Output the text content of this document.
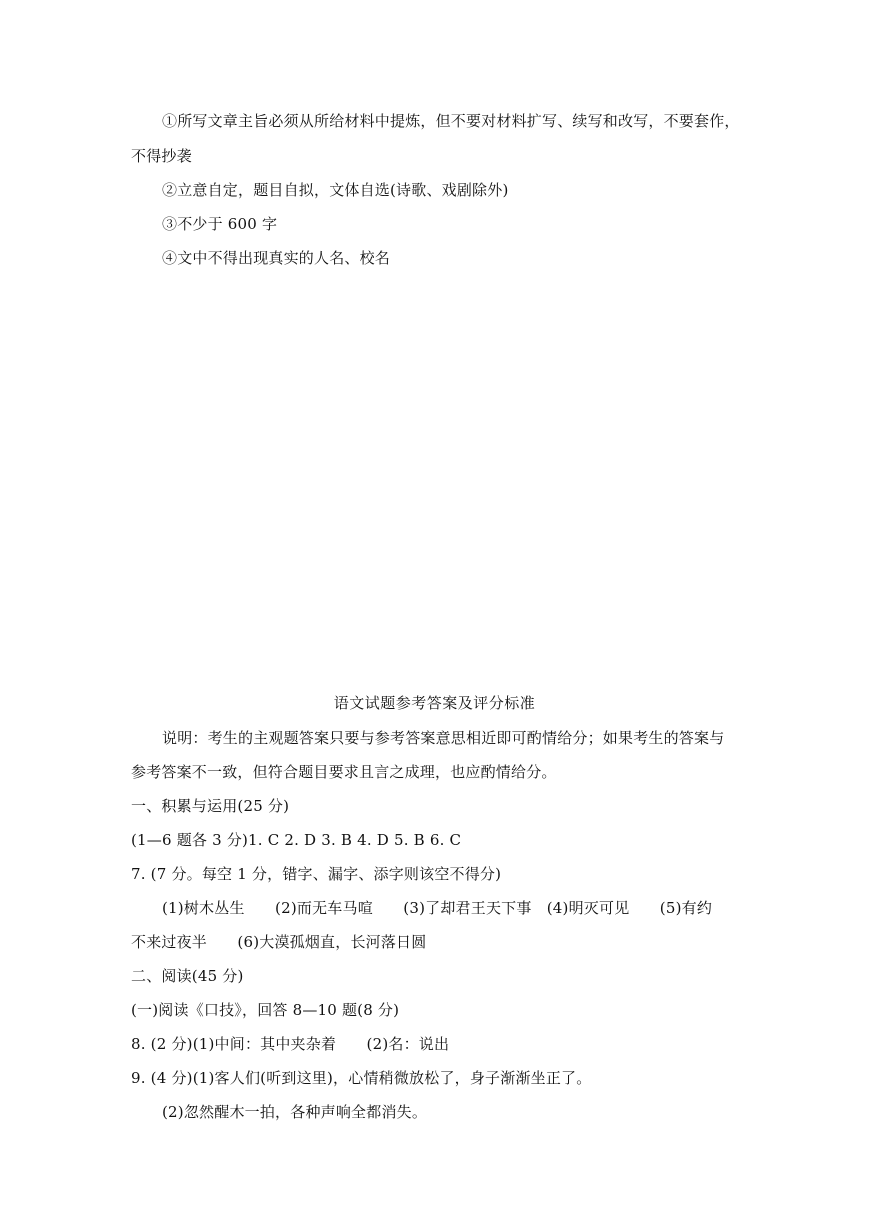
①所写文章主旨必须从所给材料中提炼，但不要对材料扩写、续写和改写，不要套作，
不得抄袭
②立意自定，题目自拟，文体自选(诗歌、戏剧除外)
③不少于 600 字
④文中不得出现真实的人名、校名
语文试题参考答案及评分标准
说明：考生的主观题答案只要与参考答案意思相近即可酌情给分；如果考生的答案与
参考答案不一致，但符合题目要求且言之成理，也应酌情给分。
一、积累与运用(25 分)
(1—6 题各 3 分)1. C 2. D 3. B 4. D 5. B 6. C
7. (7 分。每空 1 分，错字、漏字、添字则该空不得分)
(1)树木丛生　　(2)而无车马喧　　(3)了却君王天下事　(4)明灭可见　　(5)有约
不来过夜半　　(6)大漠孤烟直，长河落日圆
二、阅读(45 分)
(一)阅读《口技》，回答 8—10 题(8 分)
8. (2 分)(1)中间：其中夹杂着　　(2)名：说出
9. (4 分)(1)客人们(听到这里)，心情稍微放松了，身子渐渐坐正了。
(2)忽然醒木一拍，各种声响全都消失。
